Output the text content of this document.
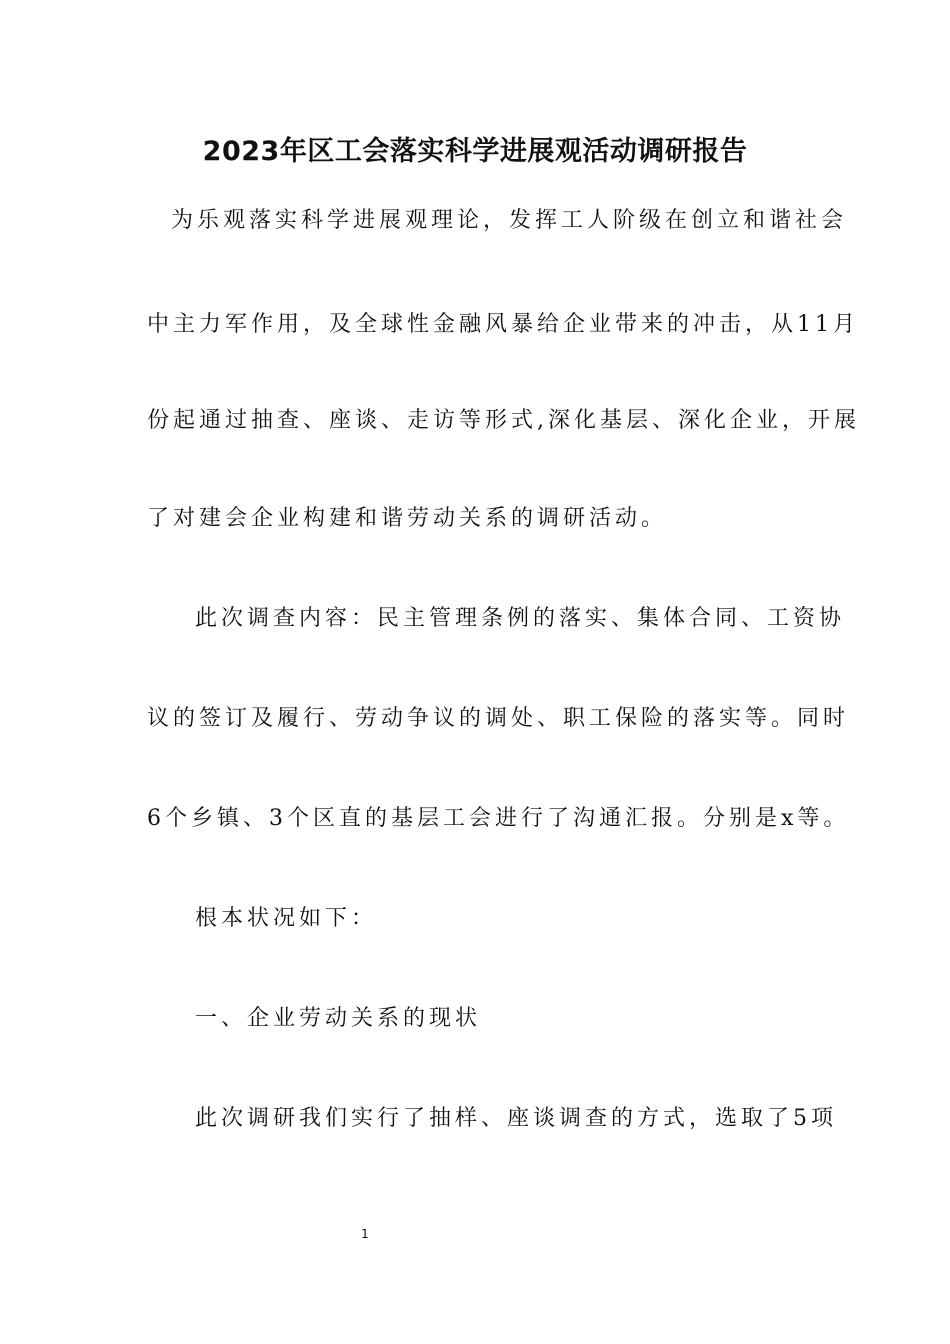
2023年区工会落实科学进展观活动调研报告
为乐观落实科学进展观理论，发挥工人阶级在创立和谐社会
中主力军作用，及全球性金融风暴给企业带来的冲击，从11月
份起通过抽查、座谈、走访等形式,深化基层、深化企业，开展
了对建会企业构建和谐劳动关系的调研活动。
此次调查内容：民主管理条例的落实、集体合同、工资协
议的签订及履行、劳动争议的调处、职工保险的落实等。同时
6个乡镇、3个区直的基层工会进行了沟通汇报。分别是x等。
根本状况如下：
一、企业劳动关系的现状
此次调研我们实行了抽样、座谈调查的方式，选取了5项
1
